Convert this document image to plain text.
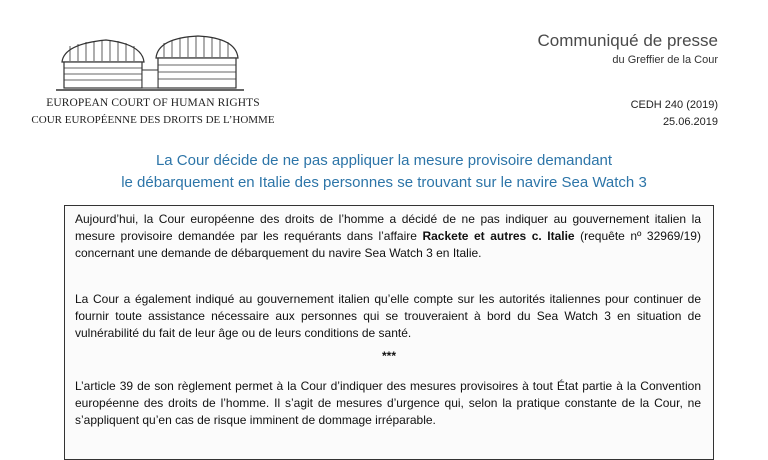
EUROPEAN COURT OF HUMAN RIGHTS
COUR EUROPÉENNE DES DROITS DE L’HOMME
Communiqué de presse
du Greffier de la Cour
CEDH 240 (2019)
25.06.2019
La Cour décide de ne pas appliquer la mesure provisoire demandant
le débarquement en Italie des personnes se trouvant sur le navire Sea Watch 3
Aujourd’hui, la Cour européenne des droits de l’homme a décidé de ne pas indiquer au gouvernement italien la mesure provisoire demandée par les requérants dans l’affaire Rackete et autres c. Italie (requête nº 32969/19) concernant une demande de débarquement du navire Sea Watch 3 en Italie.
La Cour a également indiqué au gouvernement italien qu’elle compte sur les autorités italiennes pour continuer de fournir toute assistance nécessaire aux personnes qui se trouveraient à bord du Sea Watch 3 en situation de vulnérabilité du fait de leur âge ou de leurs conditions de santé.
***
L’article 39 de son règlement permet à la Cour d’indiquer des mesures provisoires à tout État partie à la Convention européenne des droits de l’homme. Il s’agit de mesures d’urgence qui, selon la pratique constante de la Cour, ne s’appliquent qu’en cas de risque imminent de dommage irréparable.
